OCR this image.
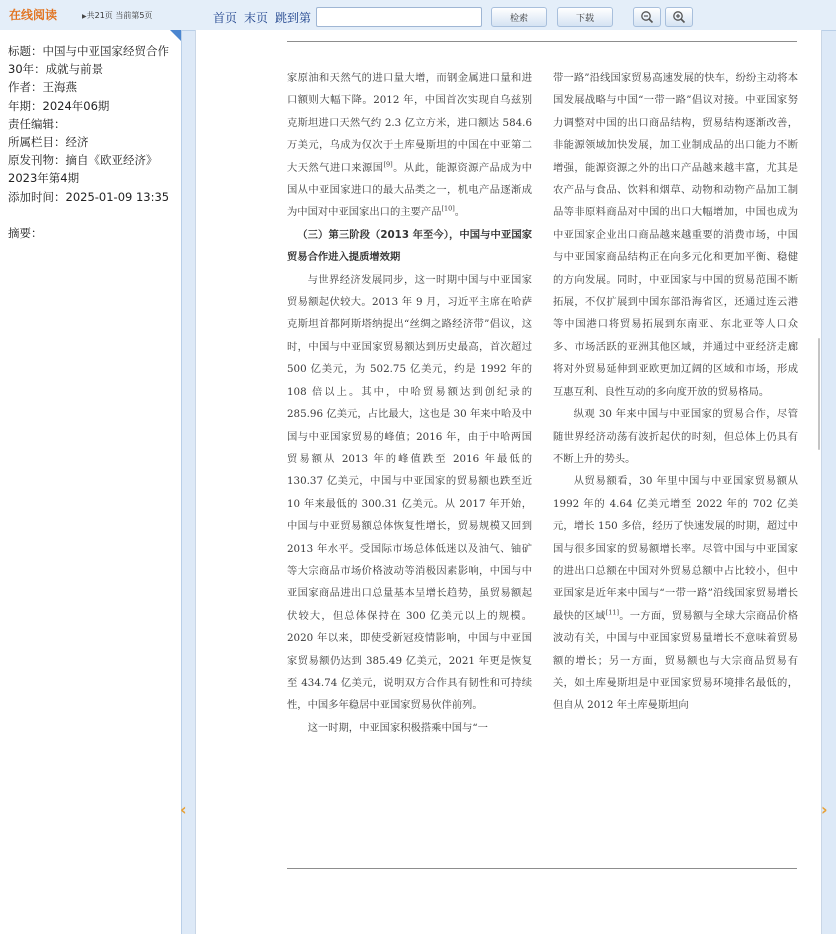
在线阅读	▶共21页 当前第5页	首页 末页 跳到第	检索	下载
标题：中国与中亚国家经贸合作
30年：成就与前景
作者：王海燕
年期：2024年06期
责任编辑：
所属栏目：经济
原发刊物：摘自《欧亚经济》
2023年第4期
添加时间：2025-01-09 13:35
摘要：

家原油和天然气的进口量大增，而钢金属进口量和进口额则大幅下降。2012 年，中国首次实现自乌兹别克斯坦进口天然气约 2.3 亿立方米，进口额达 584.6 万美元，乌成为仅次于土库曼斯坦的中国在中亚第二大天然气进口来源国[9]。从此，能源资源产品成为中国从中亚国家进口的最大品类之一，机电产品逐渐成为中国对中亚国家出口的主要产品[10]。

（三）第三阶段（2013 年至今），中国与中亚国家贸易合作进入提质增效期

与世界经济发展同步，这一时期中国与中亚国家贸易额起伏较大。2013 年 9 月，习近平主席在哈萨克斯坦首都阿斯塔纳提出“丝绸之路经济带”倡议，这时，中国与中亚国家贸易额达到历史最高，首次超过 500 亿美元，为 502.75 亿美元，约是 1992 年的 108 倍以上。其中，中哈贸易额达到创纪录的 285.96 亿美元，占比最大，这也是 30 年来中哈及中国与中亚国家贸易的峰值；2016 年，由于中哈两国贸易额从 2013 年的峰值跌至 2016 年最低的 130.37 亿美元，中国与中亚国家的贸易额也跌至近 10 年来最低的 300.31 亿美元。从 2017 年开始，中国与中亚贸易额总体恢复性增长，贸易规模又回到 2013 年水平。受国际市场总体低迷以及油气、铀矿等大宗商品市场价格波动等消极因素影响，中国与中亚国家商品进出口总量基本呈增长趋势，虽贸易额起伏较大，但总体保持在 300 亿美元以上的规模。2020 年以来，即使受新冠疫情影响，中国与中亚国家贸易额仍达到 385.49 亿美元，2021 年更是恢复至 434.74 亿美元，说明双方合作具有韧性和可持续性，中国多年稳居中亚国家贸易伙伴前列。

这一时期，中亚国家积极搭乘中国与“一

带一路”沿线国家贸易高速发展的快车，纷纷主动将本国发展战略与中国“一带一路”倡议对接。中亚国家努力调整对中国的出口商品结构，贸易结构逐渐改善，非能源领域加快发展，加工业制成品的出口能力不断增强，能源资源之外的出口产品越来越丰富，尤其是农产品与食品、饮料和烟草、动物和动物产品加工制品等非原料商品对中国的出口大幅增加，中国也成为中亚国家企业出口商品越来越重要的消费市场，中国与中亚国家商品结构正在向多元化和更加平衡、稳健的方向发展。同时，中亚国家与中国的贸易范围不断拓展，不仅扩展到中国东部沿海省区，还通过连云港等中国港口将贸易拓展到东南亚、东北亚等人口众多、市场活跃的亚洲其他区域，并通过中亚经济走廊将对外贸易延伸到亚欧更加辽阔的区域和市场，形成互惠互利、良性互动的多向度开放的贸易格局。

纵观 30 年来中国与中亚国家的贸易合作，尽管随世界经济动荡有波折起伏的时刻，但总体上仍具有不断上升的势头。

从贸易额看，30 年里中国与中亚国家贸易额从 1992 年的 4.64 亿美元增至 2022 年的 702 亿美元，增长 150 多倍，经历了快速发展的时期，超过中国与很多国家的贸易额增长率。尽管中国与中亚国家的进出口总额在中国对外贸易总额中占比较小，但中亚国家是近年来中国与“一带一路”沿线国家贸易增长最快的区域[11]。一方面，贸易额与全球大宗商品价格波动有关，中国与中亚国家贸易量增长不意味着贸易额的增长；另一方面，贸易额也与大宗商品贸易有关，如土库曼斯坦是中亚国家贸易环境排名最低的，但自从 2012 年土库曼斯坦向

‹	›
